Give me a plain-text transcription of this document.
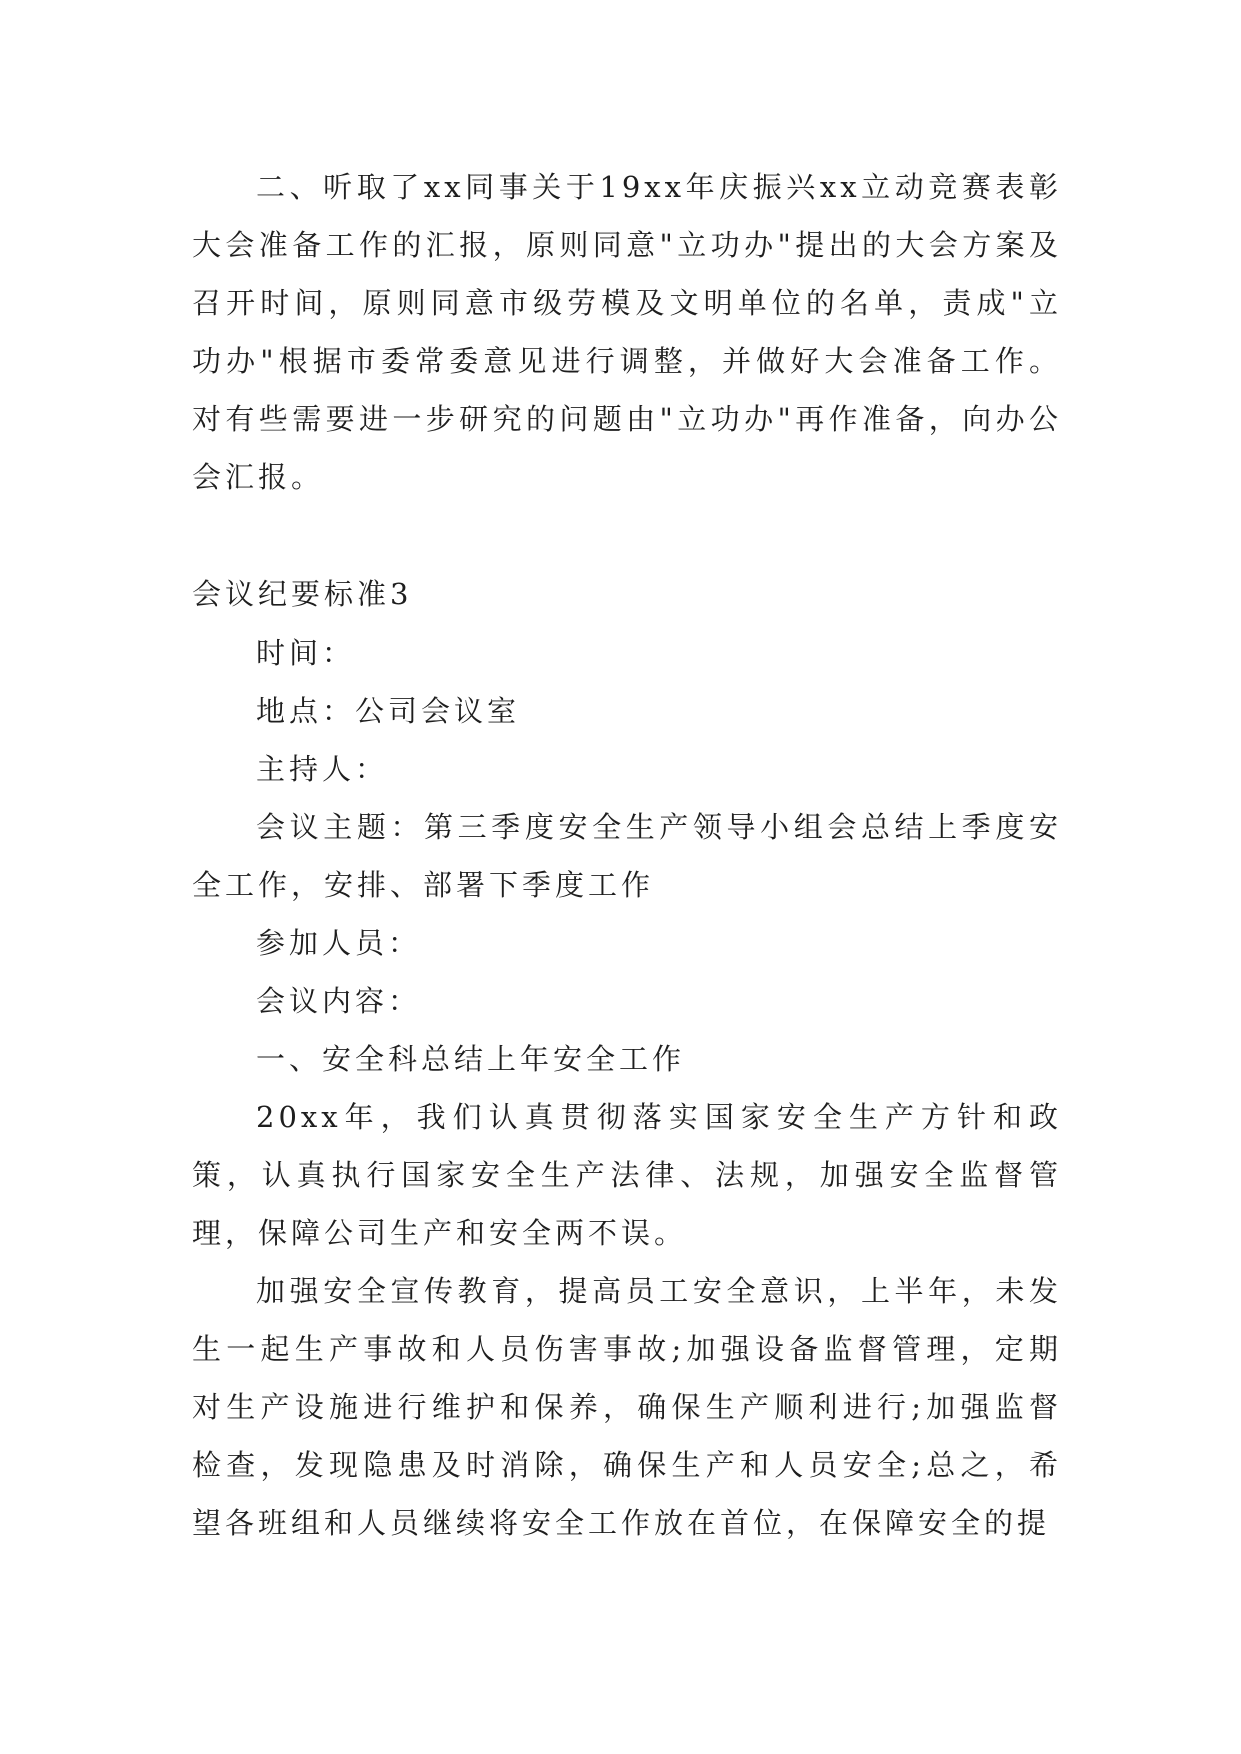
二、听取了xx同事关于19xx年庆振兴xx立动竞赛表彰大会准备工作的汇报，原则同意"立功办"提出的大会方案及召开时间，原则同意市级劳模及文明单位的名单，责成"立功办"根据市委常委意见进行调整，并做好大会准备工作。对有些需要进一步研究的问题由"立功办"再作准备，向办公会汇报。

会议纪要标准3

时间：

地点：公司会议室

主持人：

会议主题：第三季度安全生产领导小组会总结上季度安全工作，安排、部署下季度工作

参加人员：

会议内容：

一、安全科总结上年安全工作

20xx年，我们认真贯彻落实国家安全生产方针和政策，认真执行国家安全生产法律、法规，加强安全监督管理，保障公司生产和安全两不误。

加强安全宣传教育，提高员工安全意识，上半年，未发生一起生产事故和人员伤害事故;加强设备监督管理，定期对生产设施进行维护和保养，确保生产顺利进行;加强监督检查，发现隐患及时消除，确保生产和人员安全;总之，希望各班组和人员继续将安全工作放在首位，在保障安全的提
